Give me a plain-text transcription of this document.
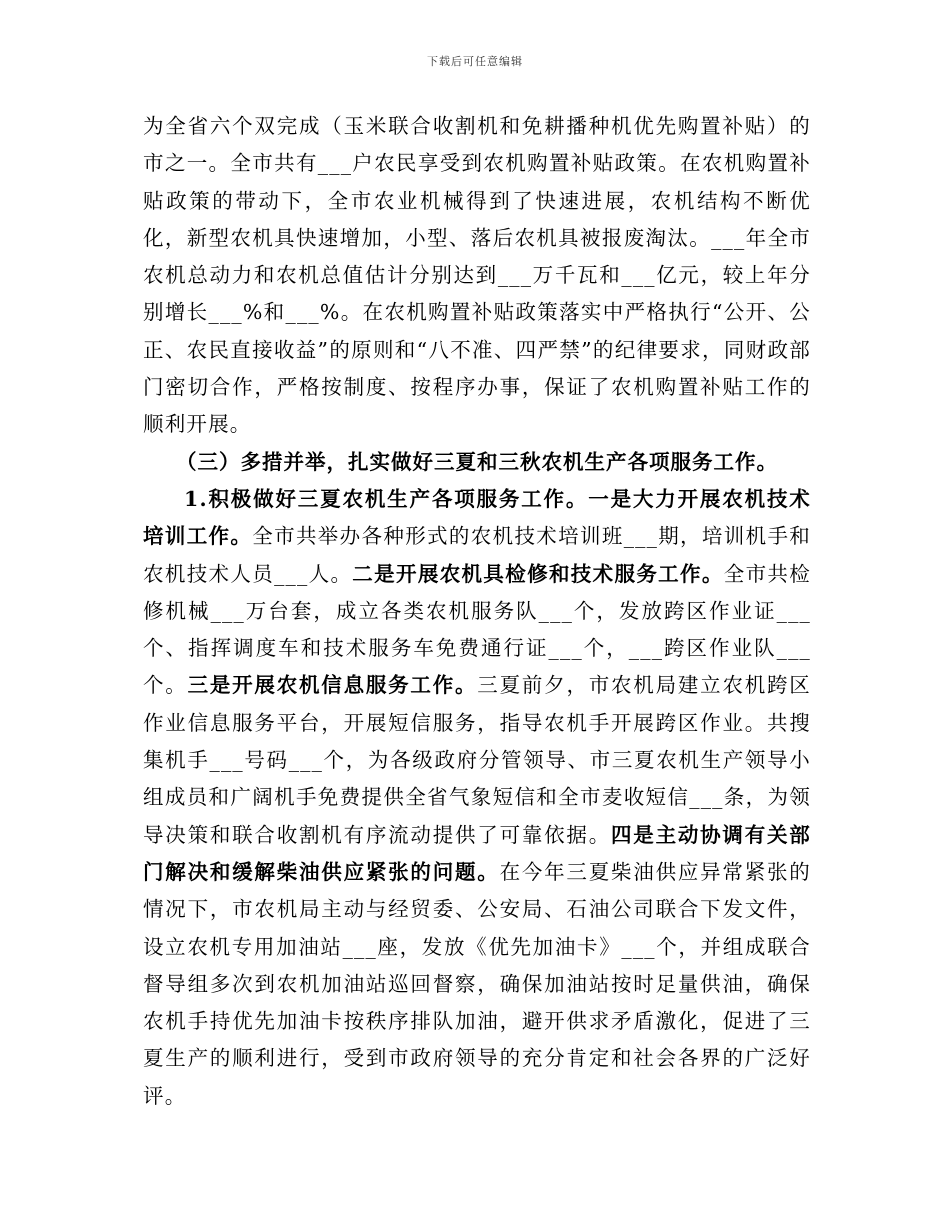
下载后可任意编辑

为全省六个双完成（玉米联合收割机和免耕播种机优先购置补贴）的市之一。全市共有___户农民享受到农机购置补贴政策。在农机购置补贴政策的带动下，全市农业机械得到了快速进展，农机结构不断优化，新型农机具快速增加，小型、落后农机具被报废淘汰。___年全市农机总动力和农机总值估计分别达到___万千瓦和___亿元，较上年分别增长___%和___%。在农机购置补贴政策落实中严格执行“公开、公正、农民直接收益”的原则和“八不准、四严禁”的纪律要求，同财政部门密切合作，严格按制度、按程序办事，保证了农机购置补贴工作的顺利开展。

（三）多措并举，扎实做好三夏和三秋农机生产各项服务工作。

1.积极做好三夏农机生产各项服务工作。一是大力开展农机技术培训工作。全市共举办各种形式的农机技术培训班___期，培训机手和农机技术人员___人。二是开展农机具检修和技术服务工作。全市共检修机械___万台套，成立各类农机服务队___个，发放跨区作业证___个、指挥调度车和技术服务车免费通行证___个，___跨区作业队___个。三是开展农机信息服务工作。三夏前夕，市农机局建立农机跨区作业信息服务平台，开展短信服务，指导农机手开展跨区作业。共搜集机手___号码___个，为各级政府分管领导、市三夏农机生产领导小组成员和广阔机手免费提供全省气象短信和全市麦收短信___条，为领导决策和联合收割机有序流动提供了可靠依据。四是主动协调有关部门解决和缓解柴油供应紧张的问题。在今年三夏柴油供应异常紧张的情况下，市农机局主动与经贸委、公安局、石油公司联合下发文件，设立农机专用加油站___座，发放《优先加油卡》___个，并组成联合督导组多次到农机加油站巡回督察，确保加油站按时足量供油，确保农机手持优先加油卡按秩序排队加油，避开供求矛盾激化，促进了三夏生产的顺利进行，受到市政府领导的充分肯定和社会各界的广泛好评。
